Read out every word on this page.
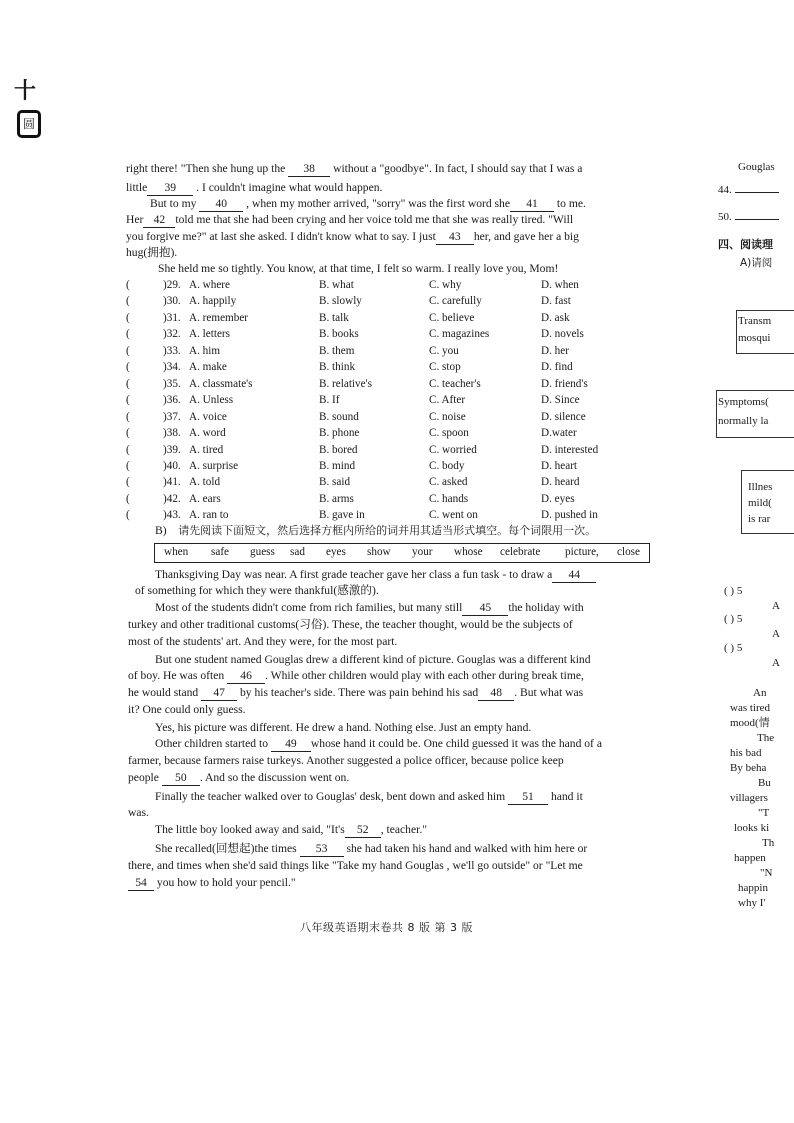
十
圆
right there! "Then she hung up the 38 without a "goodbye". In fact, I should say that I was a
little 39 . I couldn't imagine what would happen.
But to my 40 , when my mother arrived, "sorry" was the first word she 41 to me.
Her 42 told me that she had been crying and her voice told me that she was really tired. "Will
you forgive me?" at last she asked. I didn't know what to say. I just 43 her, and gave her a big
hug(拥抱).
She held me so tightly. You know, at that time, I felt so warm. I really love you, Mom!
(	)29. A. where	B. what	C. why	D. when
(	)30. A. happily	B. slowly	C. carefully	D. fast
(	)31. A. remember	B. talk	C. believe	D. ask
(	)32. A. letters	B. books	C. magazines	D. novels
(	)33. A. him	B. them	C. you	D. her
(	)34. A. make	B. think	C. stop	D. find
(	)35. A. classmate's	B. relative's	C. teacher's	D. friend's
(	)36. A. Unless	B. If	C. After	D. Since
(	)37. A. voice	B. sound	C. noise	D. silence
(	)38. A. word	B. phone	C. spoon	D.water
(	)39. A. tired	B. bored	C. worried	D. interested
(	)40. A. surprise	B. mind	C. body	D. heart
(	)41. A. told	B. said	C. asked	D. heard
(	)42. A. ears	B. arms	C. hands	D. eyes
(	)43. A. ran to	B. gave in	C. went on	D. pushed in
B) 请先阅读下面短文，然后选择方框内所给的词并用其适当形式填空。每个词限用一次。
when safe guess sad eyes show your whose celebrate picture, close
Thanksgiving Day was near. A first grade teacher gave her class a fun task - to draw a 44
of something for which they were thankful(感激的).
Most of the students didn't come from rich families, but many still 45 the holiday with
turkey and other traditional customs(习俗). These, the teacher thought, would be the subjects of
most of the students' art. And they were, for the most part.
But one student named Gouglas drew a different kind of picture. Gouglas was a different kind
of boy. He was often 46 . While other children would play with each other during break time,
he would stand 47 by his teacher's side. There was pain behind his sad 48 . But what was
it? One could only guess.
Yes, his picture was different. He drew a hand. Nothing else. Just an empty hand.
Other children started to 49 whose hand it could be. One child guessed it was the hand of a
farmer, because farmers raise turkeys. Another suggested a police officer, because police keep
people 50 . And so the discussion went on.
Finally the teacher walked over to Gouglas' desk, bent down and asked him 51 hand it
was.
The little boy looked away and said, "It's 52 , teacher."
She recalled(回想起)the times 53 she had taken his hand and walked with him here or
there, and times when she'd said things like "Take my hand Gouglas , we'll go outside" or "Let me
54 you how to hold your pencil."
八年级英语期末卷共 8 版 第 3 版
Gouglas
44.
50.
四、阅读理
A)请阅
Transm
mosqui
Symptoms(
normally la
Illnes
mild(
is rar
( ) 5
A
( ) 5
A
( ) 5
A
An
was tired
mood(情
The
his bad
By beha
Bu
villagers
"T
looks ki
Th
happen
"N
happin
why I'
